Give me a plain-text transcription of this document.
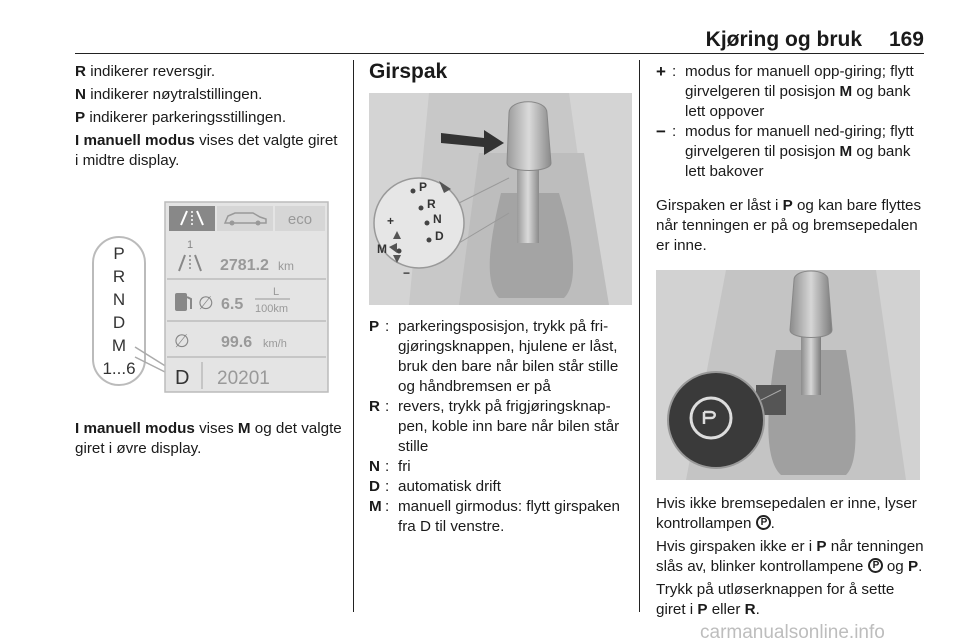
Kjøring og bruk 169

R indikerer reversgir.

N indikerer nøytralstillingen.

P indikerer parkeringsstillingen.

I manuell modus vises det valgte giret i midtre display.

P
R
N
D
M
1...6
eco
1
2781.2 km
∅ 6.5
L
100km
∅ 99.6 km/h
D 20201

I manuell modus vises M og det valgte giret i øvre display.

Girspak
P
R
N
D
M
+
−
P : parkeringsposisjon, trykk på frigjøringsknappen, hjulene er låst, bruk den bare når bilen står stille og håndbremsen er på
R : revers, trykk på frigjøringsknappen, koble inn bare når bilen står stille
N : fri
D : automatisk drift
M : manuell girmodus: flytt girspaken fra D til venstre.
+ : modus for manuell opp-giring; flytt girvelgeren til posisjon M og bank lett oppover
− : modus for manuell ned-giring; flytt girvelgeren til posisjon M og bank lett bakover

Girspaken er låst i P og kan bare flyttes når tenningen er på og bremsepedalen er inne.

Hvis ikke bremsepedalen er inne, lyser kontrollampen P .

Hvis girspaken ikke er i P når tenningen slås av, blinker kontrollampene P og P.

Trykk på utløserknappen for å sette giret i P eller R.

carmanualsonline.info
